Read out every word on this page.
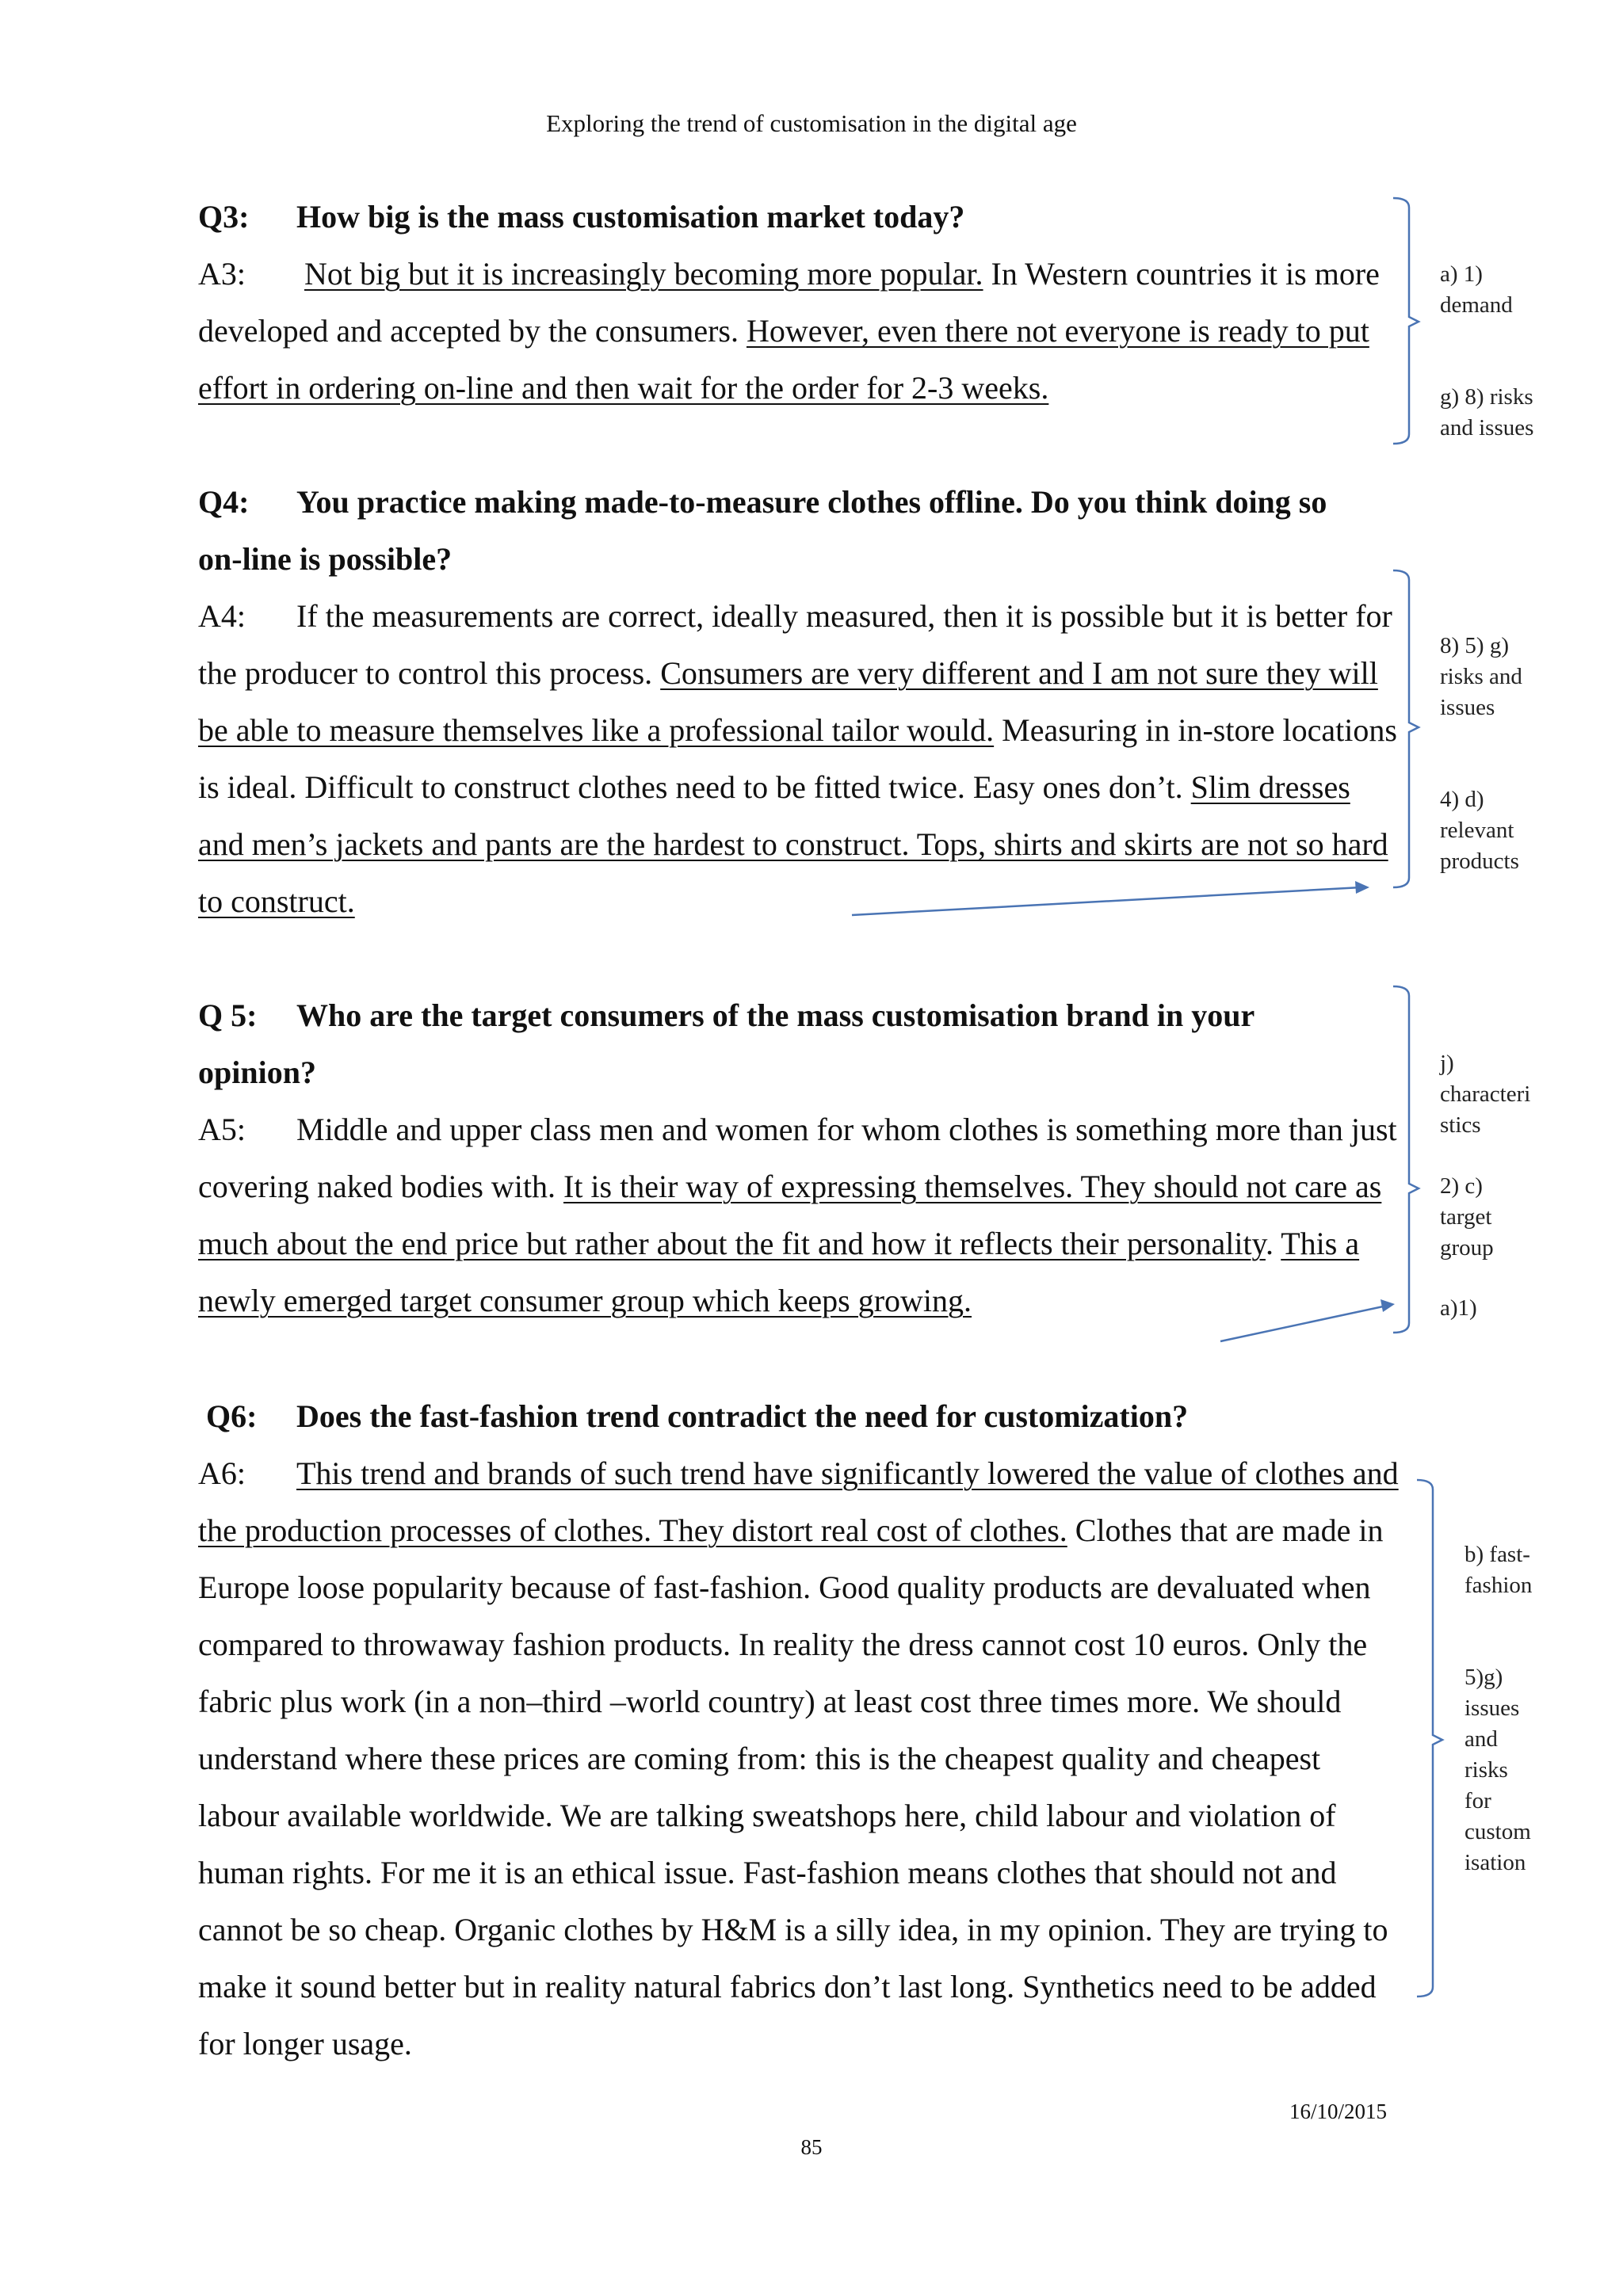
Exploring the trend of customisation in the digital age
Q3: How big is the mass customisation market today?
A3: Not big but it is increasingly becoming more popular. In Western countries it is more developed and accepted by the consumers. However, even there not everyone is ready to put effort in ordering on-line and then wait for the order for 2-3 weeks.
Q4: You practice making made-to-measure clothes offline. Do you think doing so
on-line is possible?
A4: If the measurements are correct, ideally measured, then it is possible but it is better for the producer to control this process. Consumers are very different and I am not sure they will be able to measure themselves like a professional tailor would. Measuring in in-store locations is ideal. Difficult to construct clothes need to be fitted twice. Easy ones don’t. Slim dresses and men’s jackets and pants are the hardest to construct. Tops, shirts and skirts are not so hard to construct.
Q 5: Who are the target consumers of the mass customisation brand in your
opinion?
A5: Middle and upper class men and women for whom clothes is something more than just covering naked bodies with. It is their way of expressing themselves. They should not care as much about the end price but rather about the fit and how it reflects their personality. This a newly emerged target consumer group which keeps growing.
Q6: Does the fast-fashion trend contradict the need for customization?
A6: This trend and brands of such trend have significantly lowered the value of clothes and the production processes of clothes. They distort real cost of clothes. Clothes that are made in Europe loose popularity because of fast-fashion. Good quality products are devaluated when compared to throwaway fashion products. In reality the dress cannot cost 10 euros. Only the fabric plus work (in a non–third –world country) at least cost three times more. We should understand where these prices are coming from: this is the cheapest quality and cheapest labour available worldwide. We are talking sweatshops here, child labour and violation of human rights. For me it is an ethical issue. Fast-fashion means clothes that should not and cannot be so cheap. Organic clothes by H&M is a silly idea, in my opinion. They are trying to make it sound better but in reality natural fabrics don’t last long. Synthetics need to be added for longer usage.
a) 1)
demand
g) 8) risks
and issues
8) 5) g)
risks and
issues
4) d)
relevant
products
j)
characteri
stics
2) c)
target
group
a)1)
b) fast-
fashion
5)g)
issues
and
risks
for
custom
isation
16/10/2015
85
